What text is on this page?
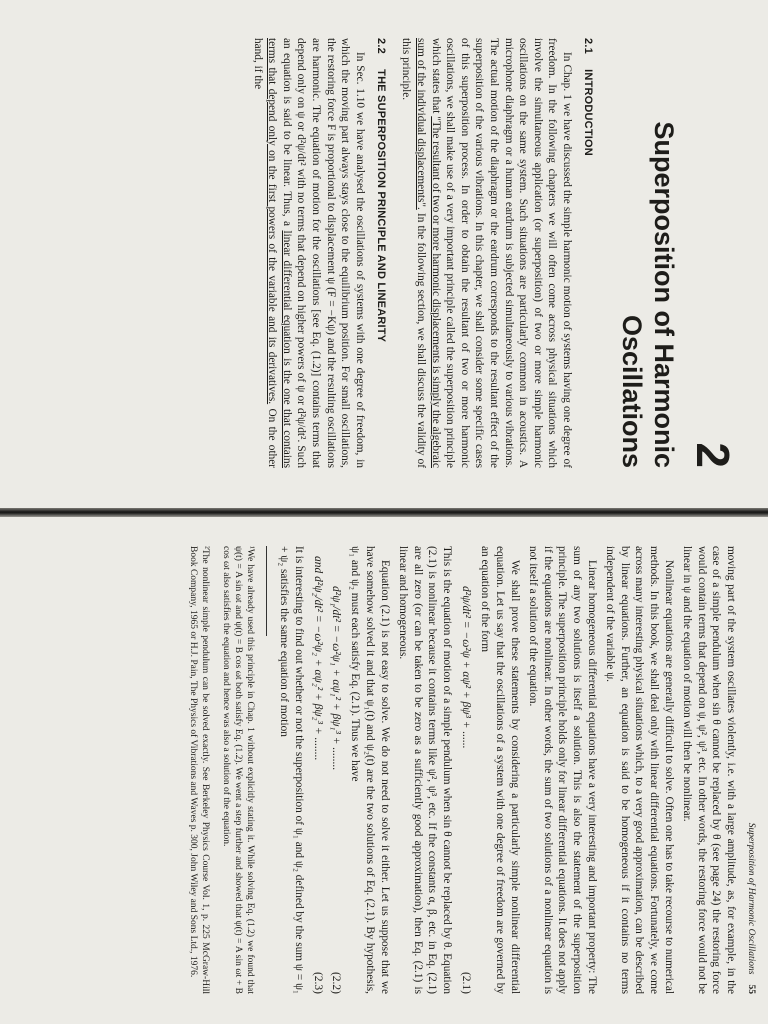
2
Superposition of Harmonic Oscillations
2.1 INTRODUCTION

In Chap. 1 we have discussed the simple harmonic motion of systems having one degree of freedom. In the following chapters we will often come across physical situations which involve the simultaneous application (or superposition) of two or more simple harmonic oscillations on the same system. Such situations are particularly common in acoustics. A microphone diaphragm or a human eardrum is subjected simultaneously to various vibrations. The actual motion of the diaphragm or the eardrum corresponds to the resultant effect of the superposition of the various vibrations. In this chapter, we shall consider some specific cases of this superposition process. In order to obtain the resultant of two or more harmonic oscillations, we shall make use of a very important principle called the superposition principle which states that "The resultant of two or more harmonic displacements is simply the algebraic sum of the individual displacements". In the following section, we shall discuss the validity of this principle.

2.2 THE SUPERPOSITION PRINCIPLE AND LINEARITY

In Sec. 1.10 we have analysed the oscillations of systems with one degree of freedom, in which the moving part always stays close to the equilibrium position. For small oscillations, the restoring force F is proportional to displacement ψ (F = −Kψ) and the resulting oscillations are harmonic. The equation of motion for the oscillations [see Eq. (1.2)] contains terms that depend only on ψ or d²ψ/dt² with no terms that depend on higher powers of ψ or d²ψ/dt². Such an equation is said to be linear. Thus, a linear differential equation is the one that contains terms that depend only on the first powers of the variable and its derivatives. On the other hand, if the

Superposition of Harmonic Oscillations
55

moving part of the system oscillates violently, i.e. with a large amplitude, as, for example, in the case of a simple pendulum when sin θ cannot be replaced by θ (see page 24) the restoring force would contain terms that depend on ψ, ψ², ψ³, etc. In other words, the restoring force would not be linear in ψ and the equation of motion will then be nonlinear.

Nonlinear equations are generally difficult to solve. Often one has to take recourse to numerical methods. In this book, we shall deal only with linear differential equations. Fortunately, we come across many interesting physical situations which, to a very good approximation, can be described by linear equations. Further, an equation is said to be homogeneous if it contains no terms independent of the variable ψ.

Linear homogeneous differential equations have a very interesting and important property: The sum of any two solutions is itself a solution. This is also the statement of the superposition principle. The superposition principle holds only for linear differential equations. It does not apply if the equations are nonlinear. In other words, the sum of two solutions of a nonlinear equation is not itself a solution of the equation.

We shall prove these statements by considering a particularly simple nonlinear differential equation. Let us say that the oscillations of a system with one degree of freedom are governed by an equation of the form

d²ψ/dt² = −ω²ψ + αψ² + βψ³ + ......
(2.1)

This is the equation of motion of a simple pendulum when sin θ cannot be replaced by θ. Equation (2.1) is nonlinear because it contains terms like ψ², ψ³, etc. If the constants α, β, etc. in Eq. (2.1) are all zero (or can be taken to be zero as a sufficiently good approximation), then Eq. (2.1) is linear and homogeneous.

Equation (2.1) is not easy to solve. We do not need to solve it either. Let us suppose that we have somehow solved it and that ψ₁(t) and ψ₂(t) are the two solutions of Eq. (2.1). By hypothesis, ψ₁ and ψ₂ must each satisfy Eq. (2.1). Thus we have

d²ψ₁/dt² = −ω²ψ₁ + αψ₁² + βψ₁³ + ........
(2.2)
and d²ψ₂/dt² = −ω²ψ₂ + αψ₂² + βψ₂³ + ........
(2.3)

It is interesting to find out whether or not the superposition of ψ₁ and ψ₂ defined by the sum ψ = ψ₁ + ψ₂ satisfies the same equation of motion

¹We have already used this principle in Chap. 1 without explicitly stating it. While solving Eq. (1.2) we found that ψ(t) = A sin ωt and ψ(t) = B cos ωt both satisfy Eq. (1.2). We went a step further and showed that ψ(t) = A sin ωt + B cos ωt also satisfies the equation and hence was also a solution of the equation.

²The nonlinear simple pendulum can be solved exactly. See Berkeley Physics Course Vol. 1, p. 225 McGraw-Hill Book Company, 1965 or H.J. Pain, The Physics of Vibrations and Waves p. 300, John Wiley and Sons Ltd., 1976.
